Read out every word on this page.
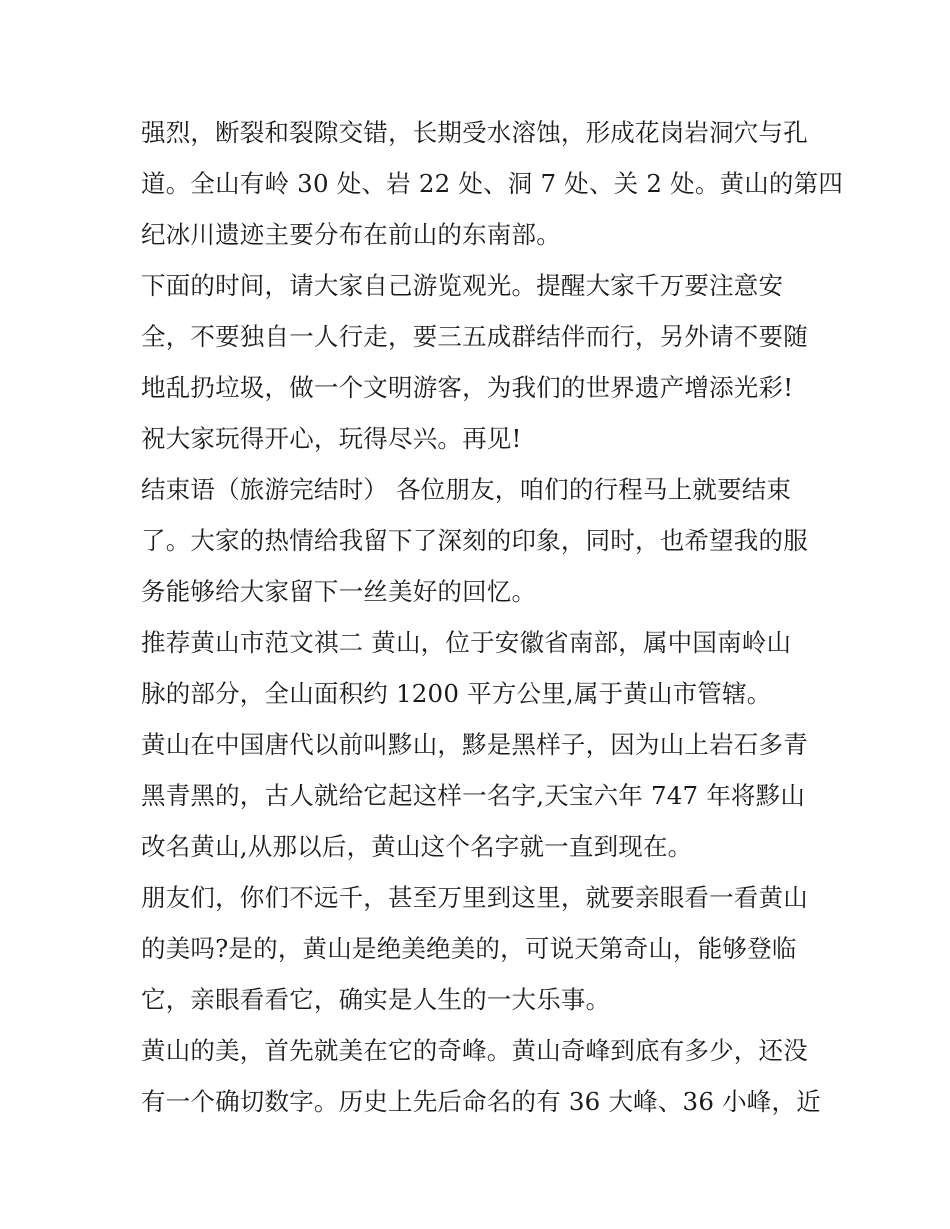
强烈，断裂和裂隙交错，长期受水溶蚀，形成花岗岩洞穴与孔
道。全山有岭 30 处、岩 22 处、洞 7 处、关 2 处。黄山的第四
纪冰川遗迹主要分布在前山的东南部。
下面的时间，请大家自己游览观光。提醒大家千万要注意安
全，不要独自一人行走，要三五成群结伴而行，另外请不要随
地乱扔垃圾，做一个文明游客，为我们的世界遗产增添光彩!
祝大家玩得开心，玩得尽兴。再见!
结束语（旅游完结时） 各位朋友，咱们的行程马上就要结束
了。大家的热情给我留下了深刻的印象，同时，也希望我的服
务能够给大家留下一丝美好的回忆。
推荐黄山市范文祺二 黄山，位于安徽省南部，属中国南岭山
脉的部分，全山面积约 1200 平方公里,属于黄山市管辖。
黄山在中国唐代以前叫黟山，黟是黑样子，因为山上岩石多青
黑青黑的，古人就给它起这样一名字,天宝六年 747 年将黟山
改名黄山,从那以后，黄山这个名字就一直到现在。
朋友们，你们不远千，甚至万里到这里，就要亲眼看一看黄山
的美吗?是的，黄山是绝美绝美的，可说天第奇山，能够登临
它，亲眼看看它，确实是人生的一大乐事。
黄山的美，首先就美在它的奇峰。黄山奇峰到底有多少，还没
有一个确切数字。历史上先后命名的有 36 大峰、36 小峰，近
